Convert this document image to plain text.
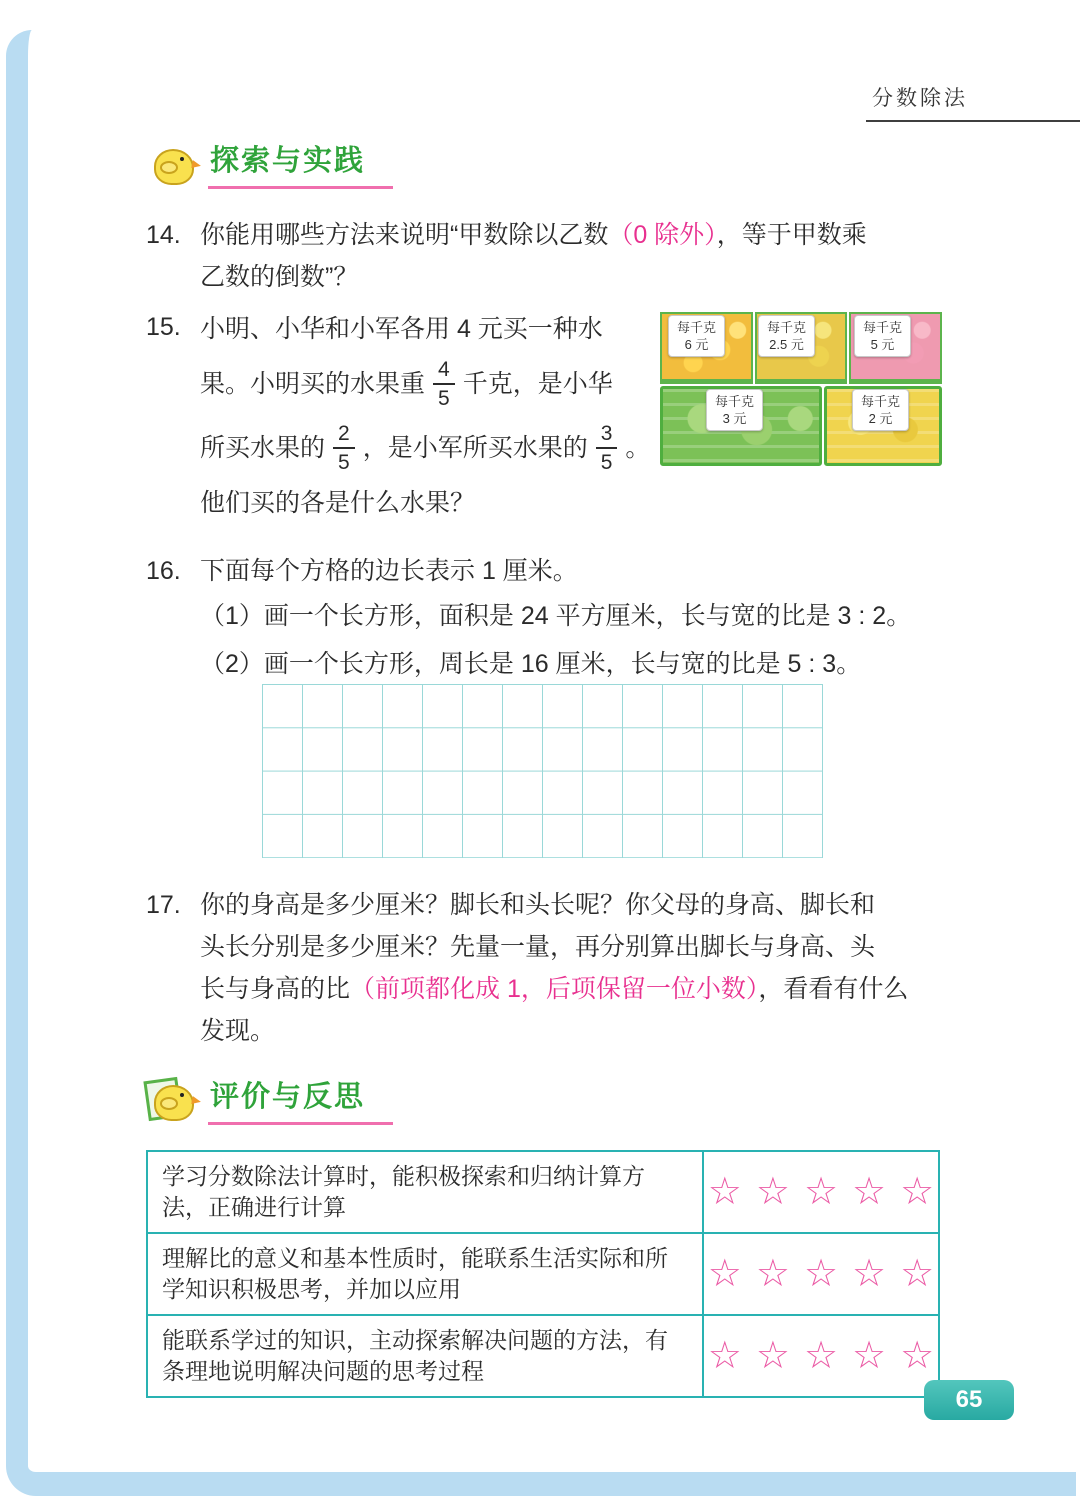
分数除法
探索与实践
14. 你能用哪些方法来说明“甲数除以乙数（0 除外），等于甲数乘
乙数的倒数”？
15. 小明、小华和小军各用 4 元买一种水
果。小明买的水果重 $\frac{4}{5}$ 千克，是小华
所买水果的 $\frac{2}{5}$ ，是小军所买水果的 $\frac{3}{5}$ 。
他们买的各是什么水果？
每千克
6 元
每千克
2.5 元
每千克
5 元
每千克
3 元
每千克
2 元
16. 下面每个方格的边长表示 1 厘米。
（1）画一个长方形，面积是 24 平方厘米，长与宽的比是 3 : 2。
（2）画一个长方形，周长是 16 厘米，长与宽的比是 5 : 3。
17. 你的身高是多少厘米？脚长和头长呢？你父母的身高、脚长和
头长分别是多少厘米？先量一量，再分别算出脚长与身高、头
长与身高的比（前项都化成 1，后项保留一位小数），看看有什么
发现。
评价与反思
学习分数除法计算时，能积极探索和归纳计算方法，正确进行计算	☆ ☆ ☆ ☆ ☆
理解比的意义和基本性质时，能联系生活实际和所学知识积极思考，并加以应用	☆ ☆ ☆ ☆ ☆
能联系学过的知识，主动探索解决问题的方法，有条理地说明解决问题的思考过程	☆ ☆ ☆ ☆ ☆
65
